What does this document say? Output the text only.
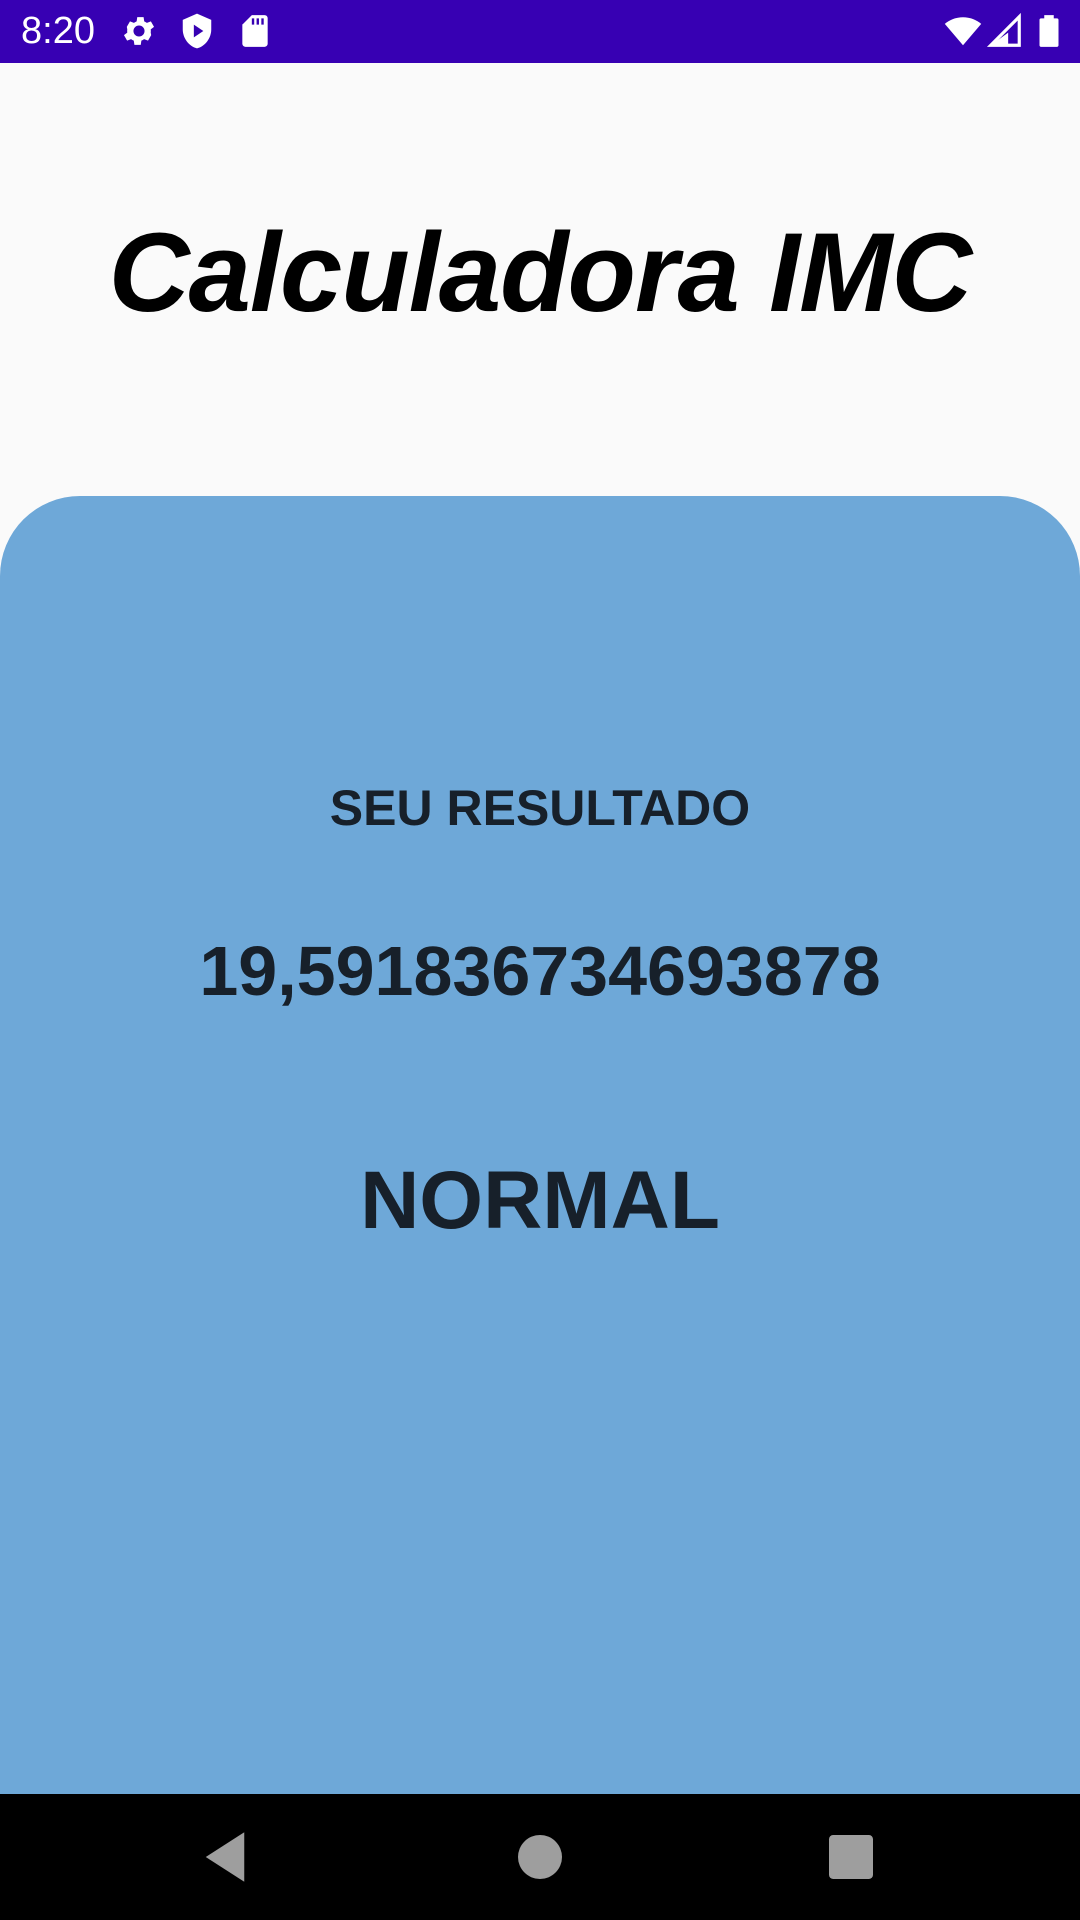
8:20
Calculadora IMC
SEU RESULTADO
19,591836734693878
NORMAL
